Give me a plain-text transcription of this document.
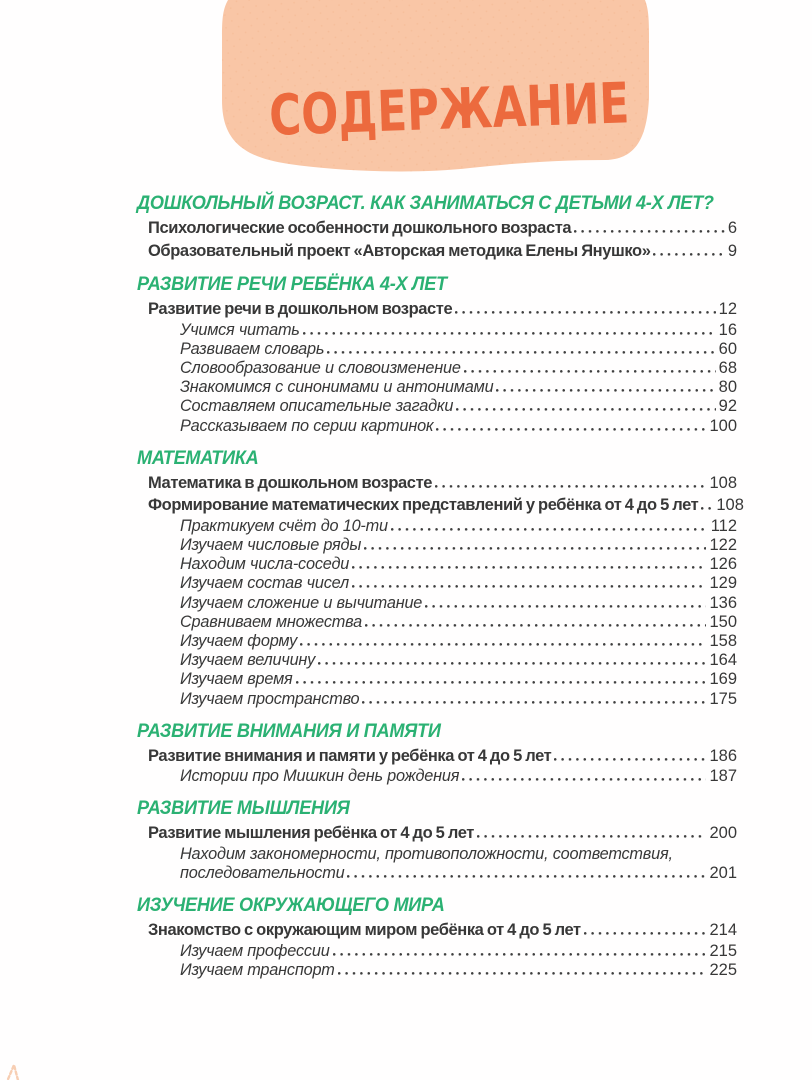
СОДЕРЖАНИЕ
ДОШКОЛЬНЫЙ ВОЗРАСТ. КАК ЗАНИМАТЬСЯ С ДЕТЬМИ 4-Х ЛЕТ?
Психологические особенности дошкольного возраста	6
Образовательный проект «Авторская методика Елены Янушко»	9
РАЗВИТИЕ РЕЧИ РЕБЁНКА 4-Х ЛЕТ
Развитие речи в дошкольном возрасте	12
Учимся читать	16
Развиваем словарь	60
Словообразование и словоизменение	68
Знакомимся с синонимами и антонимами	80
Составляем описательные загадки	92
Рассказываем по серии картинок	100
МАТЕМАТИКА
Математика в дошкольном возрасте	108
Формирование математических представлений у ребёнка от 4 до 5 лет 108
Практикуем счёт до 10-ти	112
Изучаем числовые ряды	122
Находим числа-соседи	126
Изучаем состав чисел	129
Изучаем сложение и вычитание	136
Сравниваем множества	150
Изучаем форму	158
Изучаем величину	164
Изучаем время	169
Изучаем пространство	175
РАЗВИТИЕ ВНИМАНИЯ И ПАМЯТИ
Развитие внимания и памяти у ребёнка от 4 до 5 лет	186
Истории про Мишкин день рождения	187
РАЗВИТИЕ МЫШЛЕНИЯ
Развитие мышления ребёнка от 4 до 5 лет	200
Находим закономерности, противоположности, соответствия,
последовательности	201
ИЗУЧЕНИЕ ОКРУЖАЮЩЕГО МИРА
Знакомство с окружающим миром ребёнка от 4 до 5 лет	214
Изучаем профессии	215
Изучаем транспорт	225
